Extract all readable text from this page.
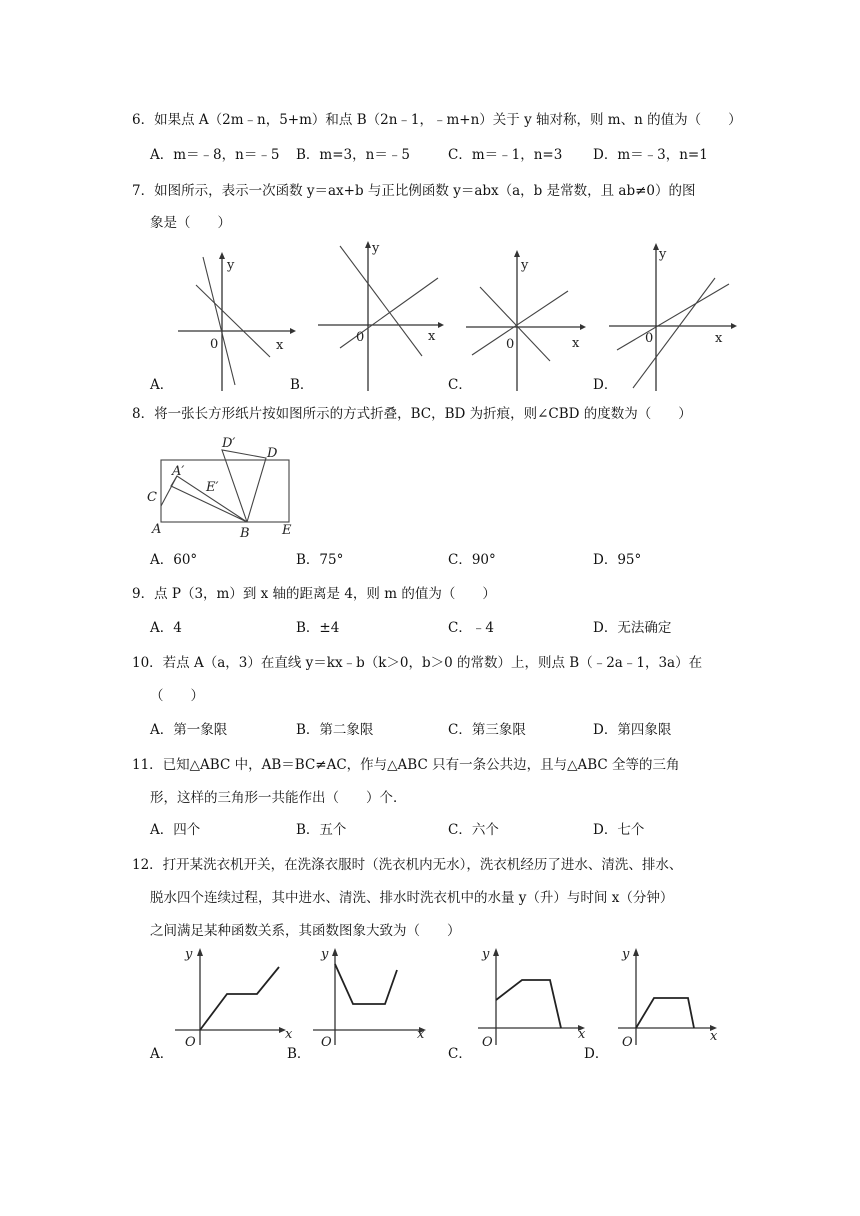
6．如果点 A（2m﹣n，5+m）和点 B（2n﹣1，﹣m+n）关于 y 轴对称，则 m、n 的值为（　　）
A．m＝﹣8，n＝﹣5 B．m=3，n＝﹣5	C．m＝﹣1，n=3 D．m＝﹣3，n=1
7．如图所示，表示一次函数 y＝ax+b 与正比例函数 y＝abx（a，b 是常数，且 ab≠0）的图
象是（　　）
y
x
0
A．
y
x
0
B．
y
x
0
C．
y
x
0
D．
8．将一张长方形纸片按如图所示的方式折叠，BC，BD 为折痕，则∠CBD 的度数为（　　）
A
A′
B
C
D
D′
E
E′
A．60°	B．75°	C．90°	D．95°
9．点 P（3，m）到 x 轴的距离是 4，则 m 的值为（　　）
A．4	B．±4	C．﹣4	D．无法确定
10．若点 A（a，3）在直线 y＝kx﹣b（k＞0，b＞0 的常数）上，则点 B（﹣2a﹣1，3a）在
（　　）
A．第一象限	B．第二象限	C．第三象限	D．第四象限
11．已知△ABC 中，AB＝BC≠AC，作与△ABC 只有一条公共边，且与△ABC 全等的三角
形，这样的三角形一共能作出（　　）个．
A．四个	B．五个	C．六个	D．七个
12．打开某洗衣机开关，在洗涤衣服时（洗衣机内无水），洗衣机经历了进水、清洗、排水、
脱水四个连续过程，其中进水、清洗、排水时洗衣机中的水量 y（升）与时间 x（分钟）
之间满足某种函数关系，其函数图象大致为（　　）
y
x
O
A．
y
x
O
B．
y
x
O
C．
y
x
O
D．
